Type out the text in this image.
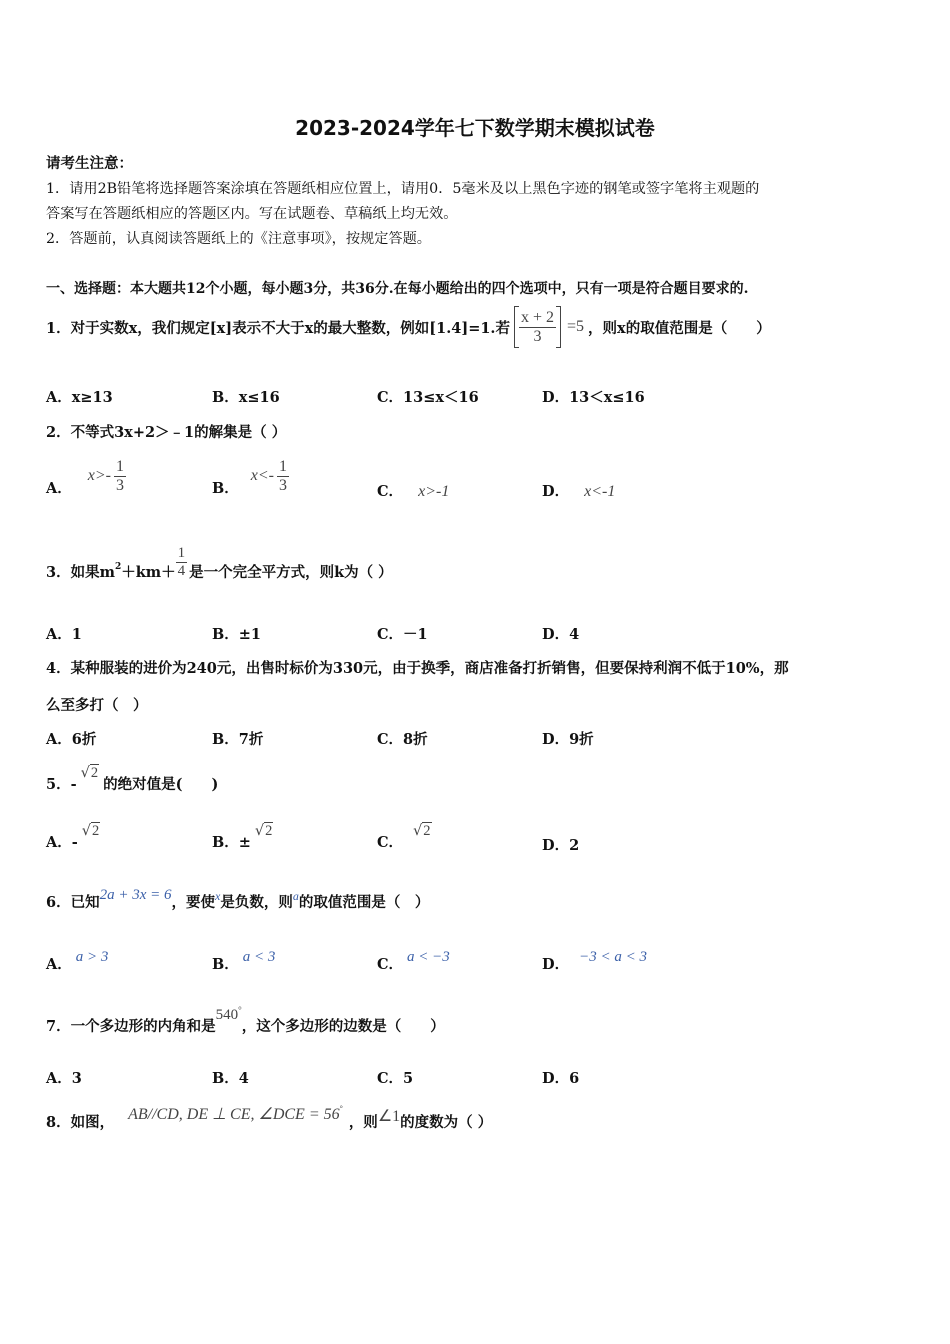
2023-2024学年七下数学期末模拟试卷
请考生注意：
1．请用2B铅笔将选择题答案涂填在答题纸相应位置上，请用0．5毫米及以上黑色字迹的钢笔或签字笔将主观题的
答案写在答题纸相应的答题区内。写在试题卷、草稿纸上均无效。
2．答题前，认真阅读答题纸上的《注意事项》，按规定答题。
一、选择题：本大题共12个小题，每小题3分，共36分.在每小题给出的四个选项中，只有一项是符合题目要求的.
1．对于实数x，我们规定[x]表示不大于x的最大整数，例如[1.4]=1.若 $\frac{x + 2}{3} =5$ ，则x的取值范围是（　　）
A．x≥13	B．x≤16	C．13≤x＜16	D．13＜x≤16
2．不等式3x+2＞﹣1的解集是（ ）
A．
$x>- \frac{1}{3}$	B．
$x<- \frac{1}{3}$	C． x>-1	D． x<-1
3．如果$m^2+km+ \frac{1}{4}$ 是一个完全平方式，则k为（ ）
A．1	B．±1	C．－1	D．4
4．某种服装的进价为240元，出售时标价为330元，由于换季，商店准备打折销售，但要保持利润不低于10%，那
么至多打（　）
A．6折	B．7折	C．8折	D．9折
5．-
√2
的绝对值是(　　)
A．-
√2
B．±
√2
C．
√2
D．2
6．已知 2a + 3x = 6 ，要使 x 是负数，则 a 的取值范围是（　）
A． a > 3	B． a < 3	C． a < −3	D． −3 < a < 3
7．一个多边形的内角和是
540°
，这个多边形的边数是（　　）
A．3	B．4	C．5	D．6
8．如图， AB//CD, DE ⊥ CE, ∠DCE = 56°
，则 ∠1 的度数为（ ）
